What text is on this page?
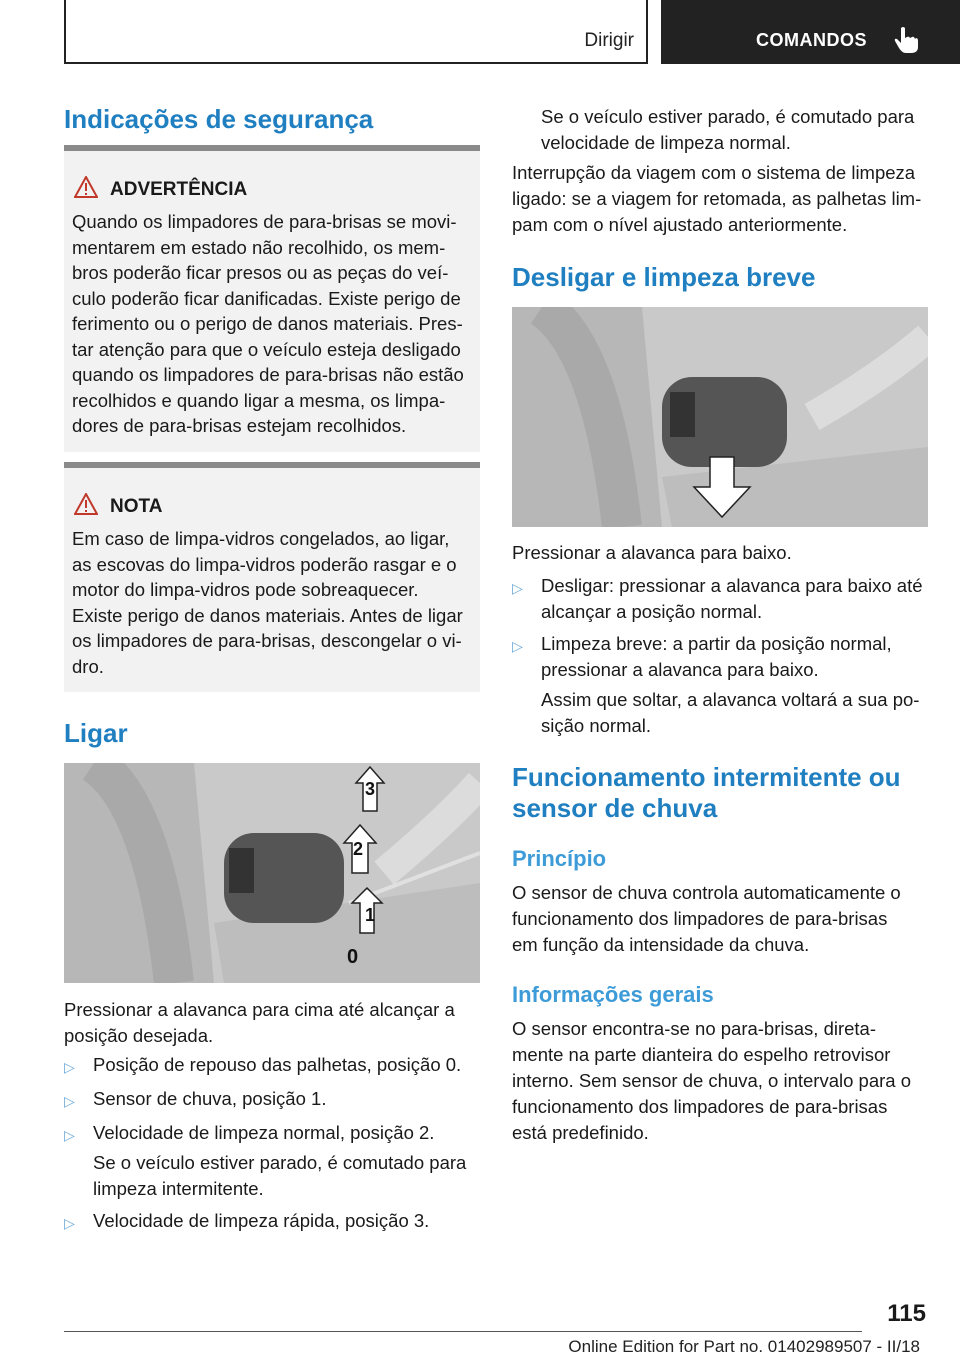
Dirigir	COMANDOS
Indicações de segurança
ADVERTÊNCIA
Quando os limpadores de para-brisas se movi-
mentarem em estado não recolhido, os mem-
bros poderão ficar presos ou as peças do veí-
culo poderão ficar danificadas. Existe perigo de
ferimento ou o perigo de danos materiais. Pres-
tar atenção para que o veículo esteja desligado
quando os limpadores de para-brisas não estão
recolhidos e quando ligar a mesma, os limpa-
dores de para-brisas estejam recolhidos.
NOTA
Em caso de limpa-vidros congelados, ao ligar,
as escovas do limpa-vidros poderão rasgar e o
motor do limpa-vidros pode sobreaquecer.
Existe perigo de danos materiais. Antes de ligar
os limpadores de para-brisas, descongelar o vi-
dro.
Ligar
1
2
3
0

Pressionar a alavanca para cima até alcançar a
posição desejada.

▷ Posição de repouso das palhetas, posição 0.
▷ Sensor de chuva, posição 1.
▷ Velocidade de limpeza normal, posição 2.

Se o veículo estiver parado, é comutado para
limpeza intermitente.

▷ Velocidade de limpeza rápida, posição 3.

Se o veículo estiver parado, é comutado para
velocidade de limpeza normal.

Interrupção da viagem com o sistema de limpeza
ligado: se a viagem for retomada, as palhetas lim-
pam com o nível ajustado anteriormente.

Desligar e limpeza breve

Pressionar a alavanca para baixo.

▷ Desligar: pressionar a alavanca para baixo até
alcançar a posição normal.
▷ Limpeza breve: a partir da posição normal,
pressionar a alavanca para baixo.

Assim que soltar, a alavanca voltará a sua po-
sição normal.

Funcionamento intermitente ou
sensor de chuva
Princípio

O sensor de chuva controla automaticamente o
funcionamento dos limpadores de para-brisas
em função da intensidade da chuva.

Informações gerais

O sensor encontra-se no para-brisas, direta-
mente na parte dianteira do espelho retrovisor
interno. Sem sensor de chuva, o intervalo para o
funcionamento dos limpadores de para-brisas
está predefinido.

115
Online Edition for Part no. 01402989507 - II/18
